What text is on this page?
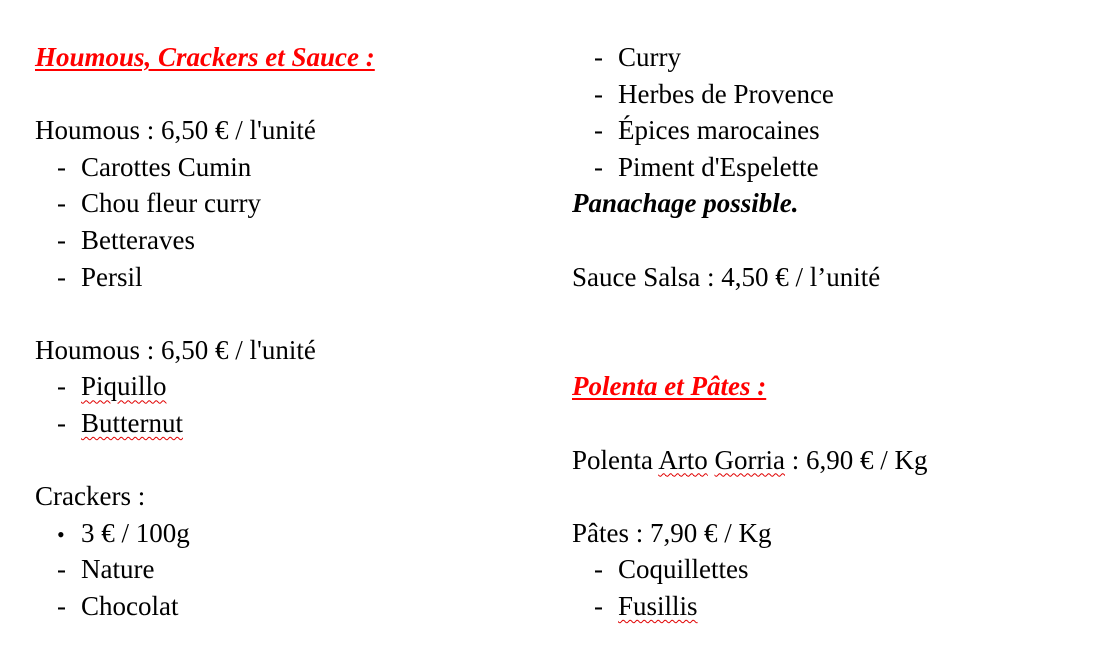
Houmous, Crackers et Sauce :
Houmous : 6,50 € / l'unité
- Carottes Cumin
- Chou fleur curry
- Betteraves
- Persil
Houmous : 6,50 € / l'unité
- Piquillo
- Butternut
Crackers :
• 3 € / 100g
- Nature
- Chocolat
- Curry
- Herbes de Provence
- Épices marocaines
- Piment d'Espelette
Panachage possible.
Sauce Salsa : 4,50 € / l’unité
Polenta et Pâtes :
Polenta Arto Gorria : 6,90 € / Kg
Pâtes : 7,90 € / Kg
- Coquillettes
- Fusillis
